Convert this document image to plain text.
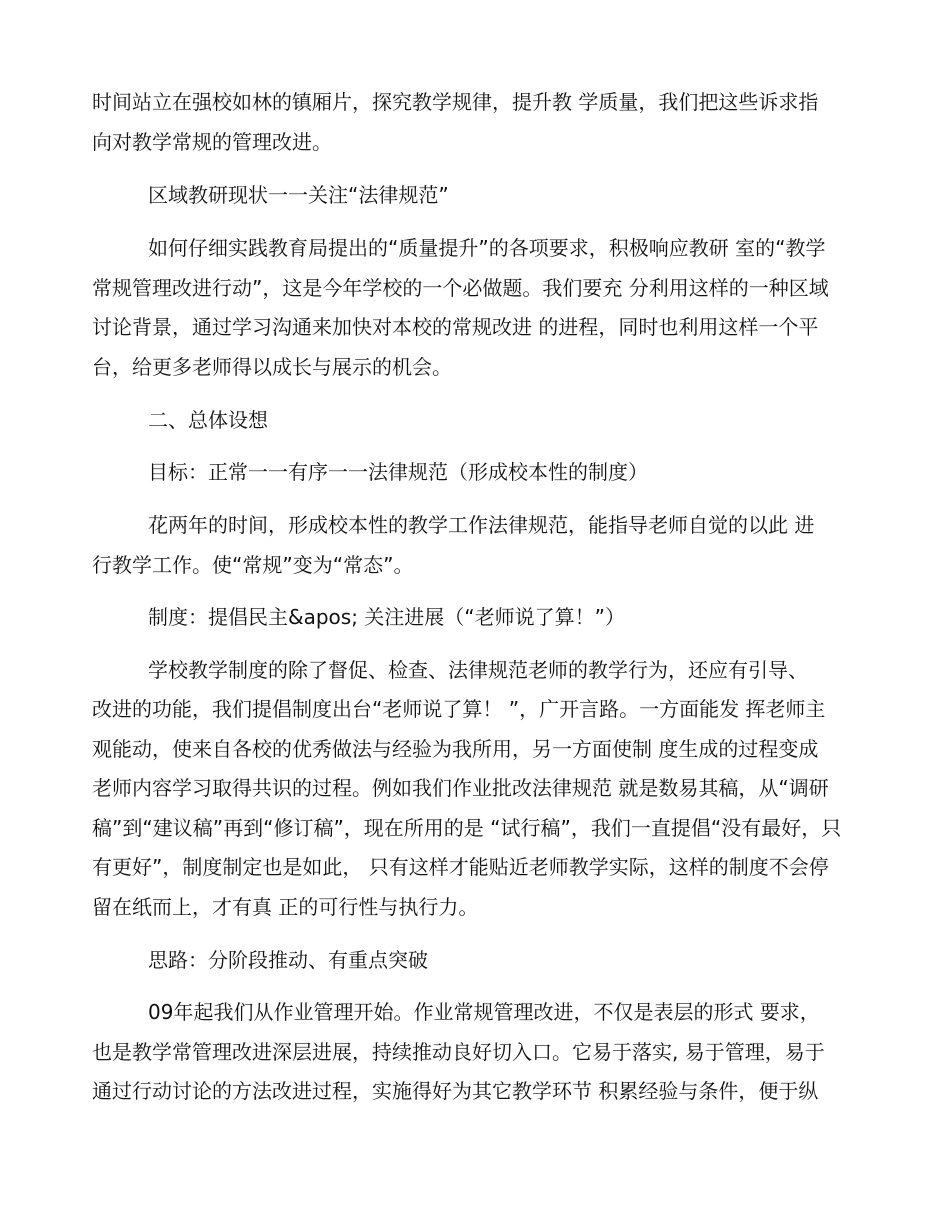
时间站立在强校如林的镇厢片，探究教学规律，提升教 学质量，我们把这些诉求指

向对教学常规的管理改进。

区域教研现状一一关注“法律规范”

如何仔细实践教育局提出的“质量提升”的各项要求，积极响应教研 室的“教学

常规管理改进行动”，这是今年学校的一个必做题。我们要充 分利用这样的一种区域

讨论背景，通过学习沟通来加快对本校的常规改进 的进程，同时也利用这样一个平

台，给更多老师得以成长与展示的机会。

二、总体设想

目标：正常一一有序一一法律规范（形成校本性的制度）

花两年的时间，形成校本性的教学工作法律规范，能指导老师自觉的以此 进

行教学工作。使“常规”变为“常态”。

制度：提倡民主&apos; 关注进展（“老师说了算！”）

学校教学制度的除了督促、检查、法律规范老师的教学行为，还应有引导、

改进的功能，我们提倡制度出台“老师说了算！ ”，广开言路。一方面能发 挥老师主

观能动，使来自各校的优秀做法与经验为我所用，另一方面使制 度生成的过程变成

老师内容学习取得共识的过程。例如我们作业批改法律规范 就是数易其稿，从“调研

稿”到“建议稿”再到“修订稿”，现在所用的是 “试行稿”，我们一直提倡“没有最好，只

有更好”，制度制定也是如此， 只有这样才能贴近老师教学实际，这样的制度不会停

留在纸而上，才有真 正的可行性与执行力。

思路：分阶段推动、有重点突破

09年起我们从作业管理开始。作业常规管理改进，不仅是表层的形式 要求，

也是教学常管理改进深层进展，持续推动良好切入口。它易于落实, 易于管理，易于

通过行动讨论的方法改进过程，实施得好为其它教学环节 积累经验与条件，便于纵
